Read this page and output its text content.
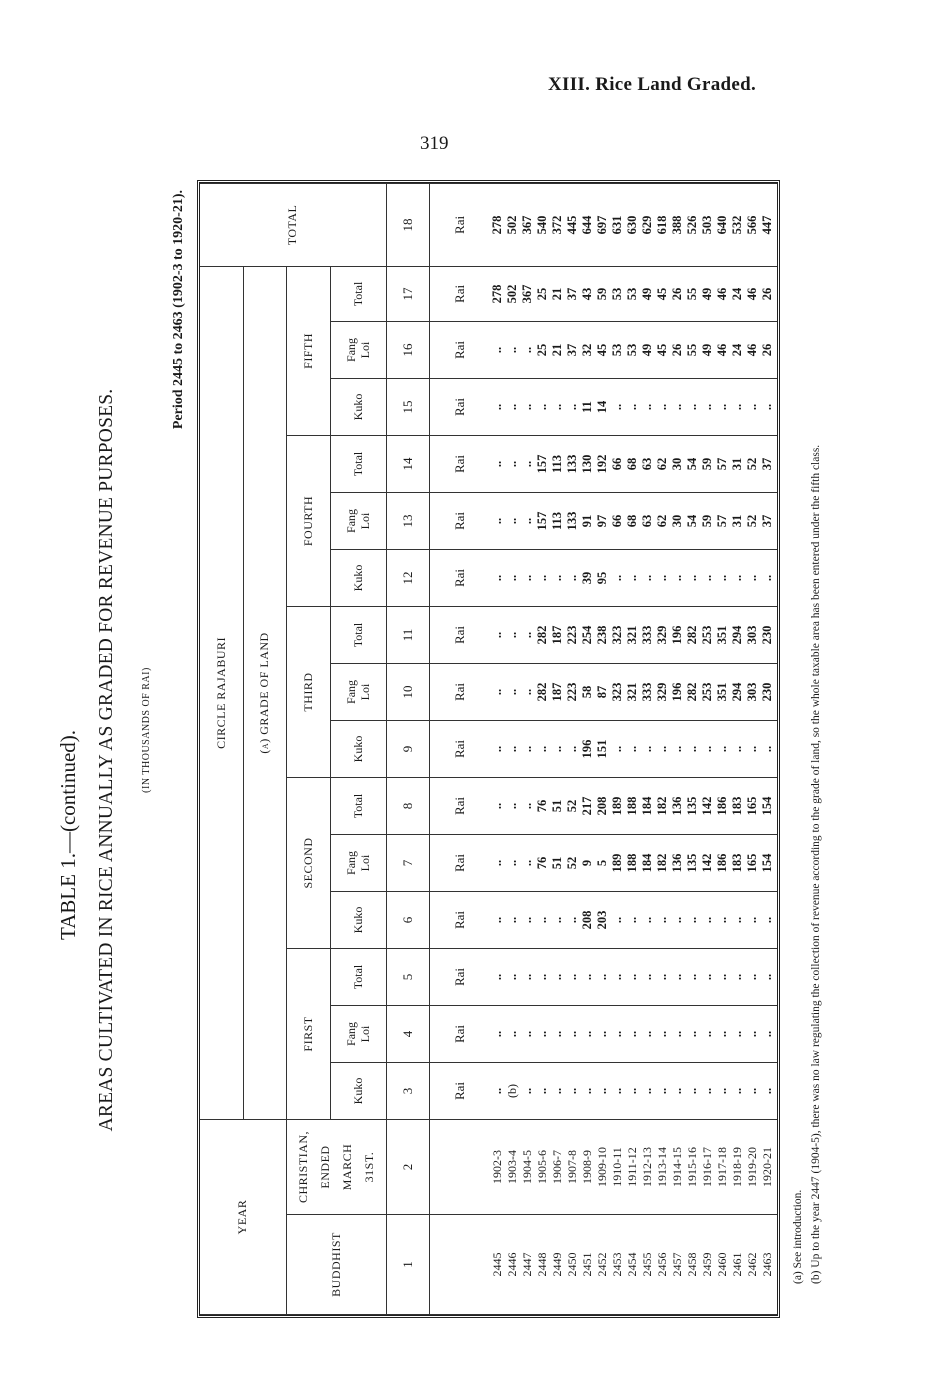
XIII. Rice Land Graded.
319
TABLE 1.—(continued). AREAS CULTIVATED IN RICE ANNUALLY AS GRADED FOR REVENUE PURPOSES. (IN THOUSANDS OF RAI)
Period 2445 to 2463 (1902-3 to 1920-21).
YEAR		CIRCLE RAJABURI															TOTAL
		(a) GRADE OF LAND															
BUDDHIST	CHRISTIAN, ENDED MARCH 31ST.	FIRST			SECOND			THIRD			FOURTH			FIFTH			
		Kuko	Fang Loi	Total	Kuko	Fang Loi	Total	Kuko	Fang Loi	Total	Kuko	Fang Loi	Total	Kuko	Fang Loi	Total	
1	2	3	4	5	6	7	8	9	10	11	12	13	14	15	16	17	18
		Rai	Rai	Rai	Rai	Rai	Rai	Rai	Rai	Rai	Rai	Rai	Rai	Rai	Rai	Rai	Rai
2445	1902-3	..	..	..	..	..	..	..	..	..	..	..	..	..	..	278	278
2446	1903-4	(b)	..	..	..	..	..	..	..	..	..	..	..	..	..	502	502
2447	1904-5	..	..	..	..	..	..	..	..	..	..	..	..	..	..	367	367
2448	1905-6	..	..	..	..	76	76	..	282	282	..	157	157	..	25	25	540
2449	1906-7	..	..	..	..	51	51	..	187	187	..	113	113	..	21	21	372
2450	1907-8	..	..	..	..	52	52	..	223	223	..	133	133	..	37	37	445
2451	1908-9	..	..	..	208	9	217	196	58	254	39	91	130	11	32	43	644
2452	1909-10	..	..	..	203	5	208	151	87	238	95	97	192	14	45	59	697
2453	1910-11	..	..	..	..	189	189	..	323	323	..	66	66	..	53	53	631
2454	1911-12	..	..	..	..	188	188	..	321	321	..	68	68	..	53	53	630
2455	1912-13	..	..	..	..	184	184	..	333	333	..	63	63	..	49	49	629
2456	1913-14	..	..	..	..	182	182	..	329	329	..	62	62	..	45	45	618
2457	1914-15	..	..	..	..	136	136	..	196	196	..	30	30	..	26	26	388
2458	1915-16	..	..	..	..	135	135	..	282	282	..	54	54	..	55	55	526
2459	1916-17	..	..	..	..	142	142	..	253	253	..	59	59	..	49	49	503
2460	1917-18	..	..	..	..	186	186	..	351	351	..	57	57	..	46	46	640
2461	1918-19	..	..	..	..	183	183	..	294	294	..	31	31	..	24	24	532
2462	1919-20	..	..	..	..	165	165	..	303	303	..	52	52	..	46	46	566
2463	1920-21	..	..	..	..	154	154	..	230	230	..	37	37	..	26	26	447

(a) See introduction. (b) Up to the year 2447 (1904-5), there was no law regulating the collection of revenue according to the grade of land, so the whole taxable area has been entered under the fifth class.
